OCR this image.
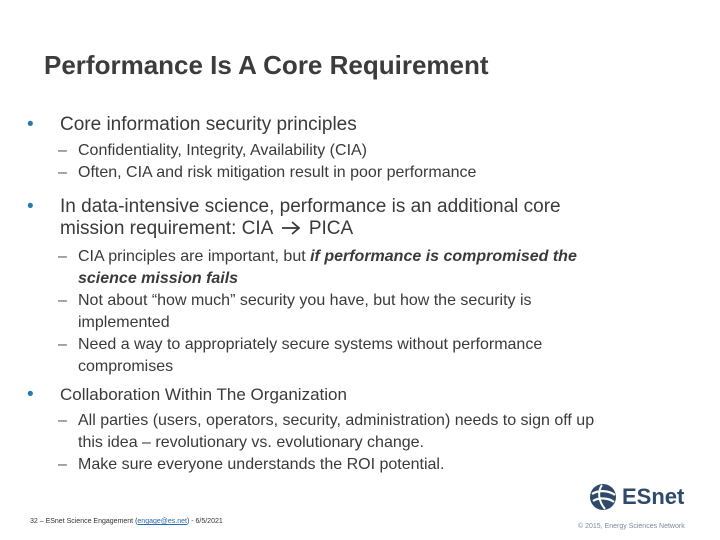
Performance Is A Core Requirement
•	Core information security principles
– Confidentiality, Integrity, Availability (CIA)
– Often, CIA and risk mitigation result in poor performance
•	In data-intensive science, performance is an additional core
mission requirement: CIA PICA
– CIA principles are important, but if performance is compromised the
science mission fails
– Not about “how much” security you have, but how the security is
implemented
– Need a way to appropriately secure systems without performance
compromises
•	Collaboration Within The Organization
– All parties (users, operators, security, administration) needs to sign off up
this idea – revolutionary vs. evolutionary change.
– Make sure everyone understands the ROI potential.
ESnet
32 – ESnet Science Engagement (engage@es.net) - 6/5/2021
© 2015, Energy Sciences Network
